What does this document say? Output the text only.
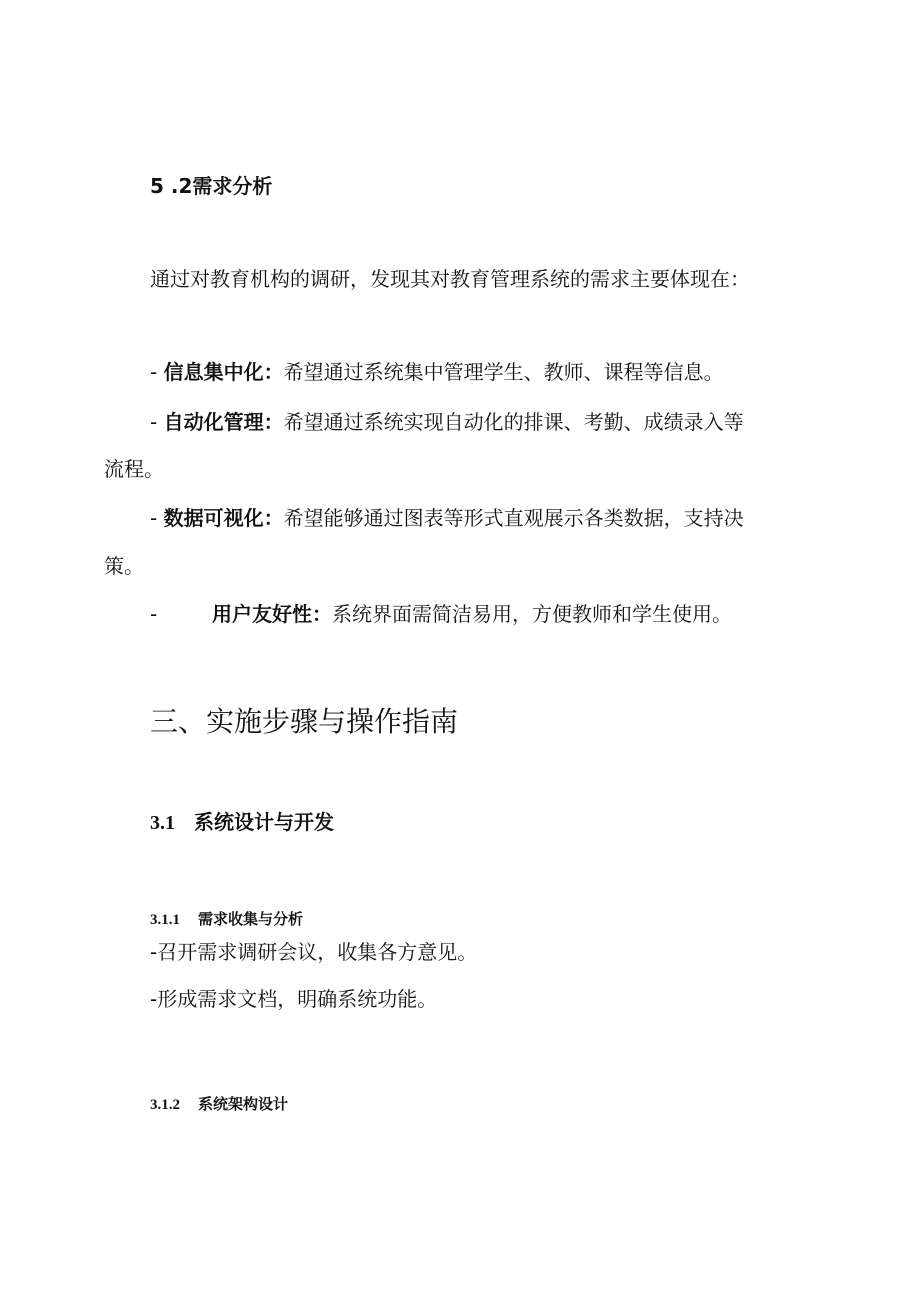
5 .2需求分析
通过对教育机构的调研，发现其对教育管理系统的需求主要体现在：
- 信息集中化：希望通过系统集中管理学生、教师、课程等信息。
- 自动化管理：希望通过系统实现自动化的排课、考勤、成绩录入等
流程。
- 数据可视化：希望能够通过图表等形式直观展示各类数据，支持决
策。
-	用户友好性：系统界面需简洁易用，方便教师和学生使用。
三、实施步骤与操作指南
3.1 系统设计与开发
3.1.1 需求收集与分析
-召开需求调研会议，收集各方意见。
-形成需求文档，明确系统功能。
3.1.2 系统架构设计
